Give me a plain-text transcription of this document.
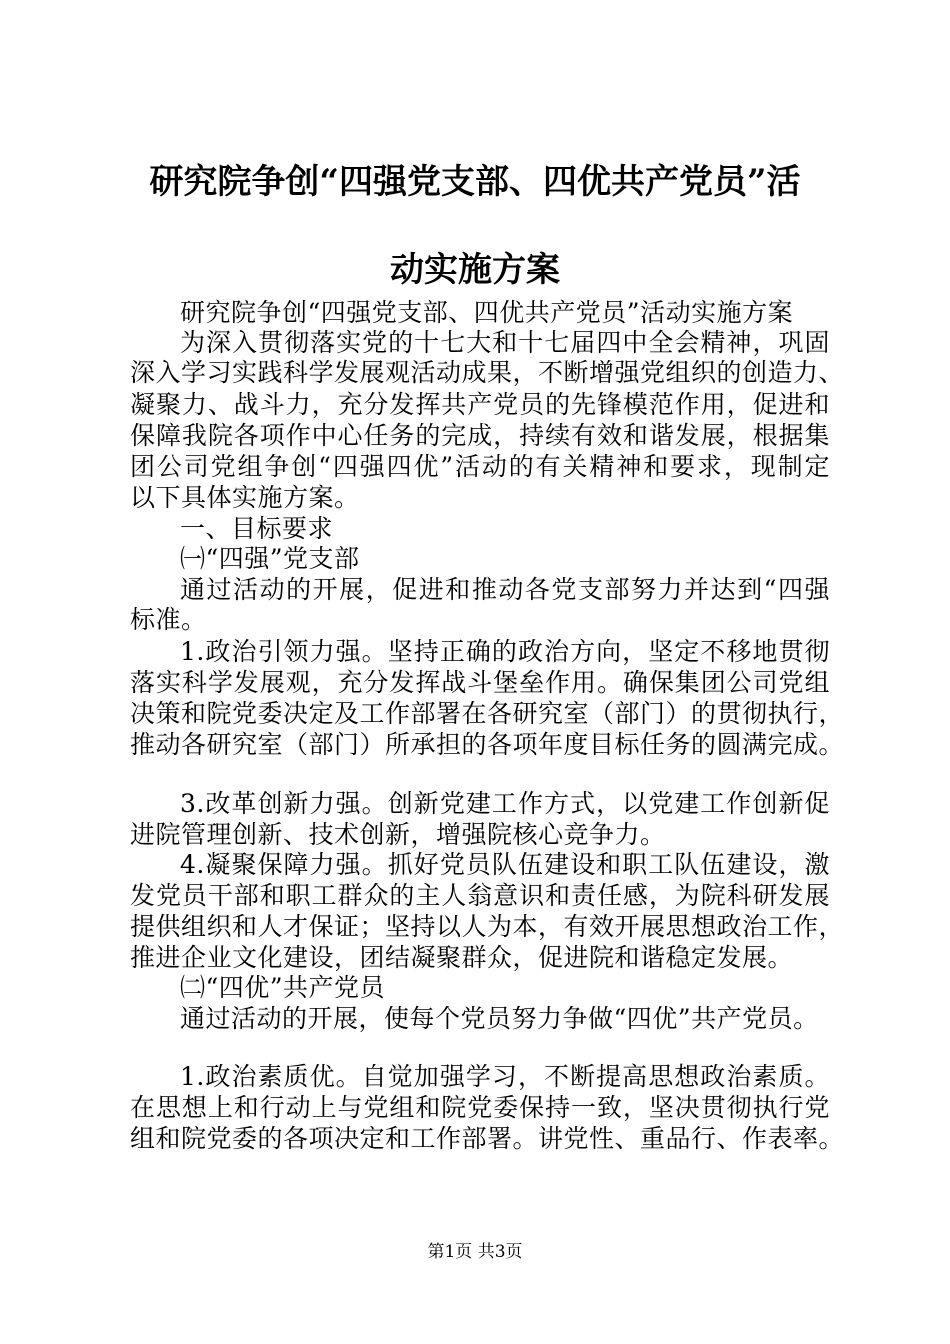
研究院争创“四强党支部、四优共产党员”活
动实施方案
研究院争创“四强党支部、四优共产党员”活动实施方案
为深入贯彻落实党的十七大和十七届四中全会精神，巩固
深入学习实践科学发展观活动成果，不断增强党组织的创造力、
凝聚力、战斗力，充分发挥共产党员的先锋模范作用，促进和
保障我院各项作中心任务的完成，持续有效和谐发展，根据集
团公司党组争创“四强四优”活动的有关精神和要求，现制定
以下具体实施方案。
一、目标要求
㈠“四强”党支部
通过活动的开展，促进和推动各党支部努力并达到“四强
标准。
1.政治引领力强。坚持正确的政治方向，坚定不移地贯彻
落实科学发展观，充分发挥战斗堡垒作用。确保集团公司党组
决策和院党委决定及工作部署在各研究室（部门）的贯彻执行，
推动各研究室（部门）所承担的各项年度目标任务的圆满完成。
3.改革创新力强。创新党建工作方式，以党建工作创新促
进院管理创新、技术创新，增强院核心竞争力。
4.凝聚保障力强。抓好党员队伍建设和职工队伍建设，激
发党员干部和职工群众的主人翁意识和责任感，为院科研发展
提供组织和人才保证；坚持以人为本，有效开展思想政治工作，
推进企业文化建设，团结凝聚群众，促进院和谐稳定发展。
㈡“四优”共产党员
通过活动的开展，使每个党员努力争做“四优”共产党员。
1.政治素质优。自觉加强学习，不断提高思想政治素质。
在思想上和行动上与党组和院党委保持一致，坚决贯彻执行党
组和院党委的各项决定和工作部署。讲党性、重品行、作表率。
第1页 共3页
